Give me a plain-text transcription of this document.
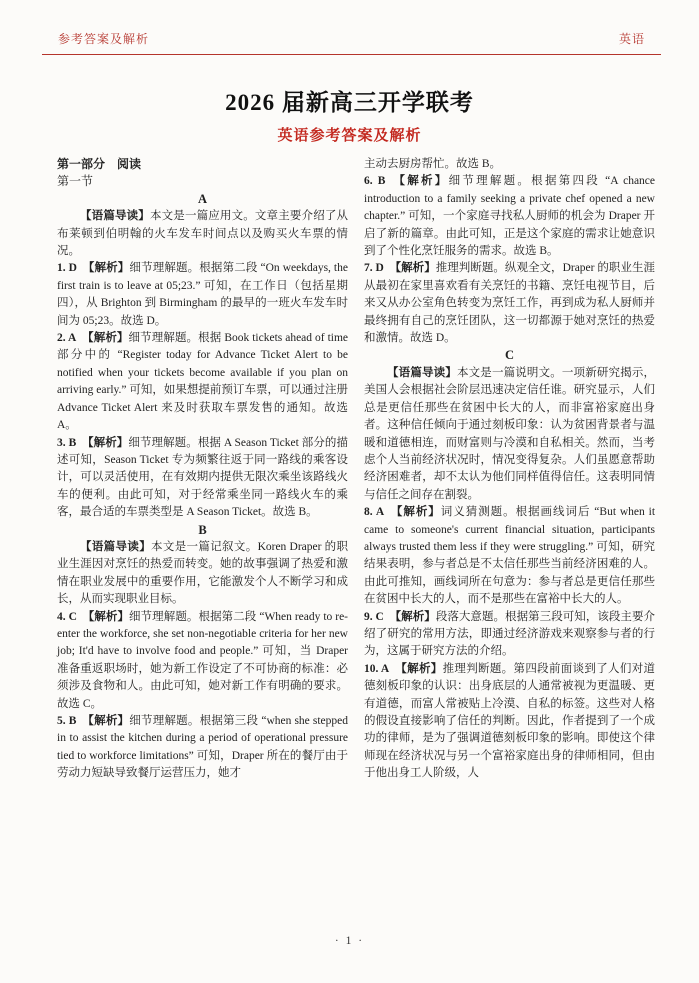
参考答案及解析	英语
2026 届新高三开学联考
英语参考答案及解析
第一部分　阅读
第一节
A
【语篇导读】本文是一篇应用文。文章主要介绍了从布莱顿到伯明翰的火车发车时间点以及购买火车票的情况。
1. D  【解析】细节理解题。根据第二段 “On weekdays, the first train is to leave at 05;23.” 可知，在工作日（包括星期四），从 Brighton 到 Birmingham 的最早的一班火车发车时间为 05;23。故选 D。
2. A  【解析】细节理解题。根据 Book tickets ahead of time 部分中的 “Register today for Advance Ticket Alert to be notified when your tickets become available if you plan on arriving early.” 可知，如果想提前预订车票，可以通过注册 Advance Ticket Alert 来及时获取车票发售的通知。故选 A。
3. B  【解析】细节理解题。根据 A Season Ticket 部分的描述可知，Season Ticket 专为频繁往返于同一路线的乘客设计，可以灵活使用，在有效期内提供无限次乘坐该路线火车的便利。由此可知，对于经常乘坐同一路线火车的乘客，最合适的车票类型是 A Season Ticket。故选 B。
B
【语篇导读】本文是一篇记叙文。Koren Draper 的职业生涯因对烹饪的热爱而转变。她的故事强调了热爱和激情在职业发展中的重要作用，它能激发个人不断学习和成长，从而实现职业目标。
4. C  【解析】细节理解题。根据第二段 “When ready to re-enter the workforce, she set non-negotiable criteria for her new job; It'd have to involve food and people.” 可知，当 Draper 准备重返职场时，她为新工作设定了不可协商的标准：必须涉及食物和人。由此可知，她对新工作有明确的要求。故选 C。
5. B  【解析】细节理解题。根据第三段 “when she stepped in to assist the kitchen during a period of operational pressure tied to workforce limitations” 可知，Draper 所在的餐厅由于劳动力短缺导致餐厅运营压力，她才
主动去厨房帮忙。故选 B。
6. B  【解析】细节理解题。根据第四段 “A chance introduction to a family seeking a private chef opened a new chapter.” 可知，一个家庭寻找私人厨师的机会为 Draper 开启了新的篇章。由此可知，正是这个家庭的需求让她意识到了个性化烹饪服务的需求。故选 B。
7. D  【解析】推理判断题。纵观全文，Draper 的职业生涯从最初在家里喜欢看有关烹饪的书籍、烹饪电视节目，后来又从办公室角色转变为烹饪工作，再到成为私人厨师并最终拥有自己的烹饪团队，这一切都源于她对烹饪的热爱和激情。故选 D。
C
【语篇导读】本文是一篇说明文。一项新研究揭示，美国人会根据社会阶层迅速决定信任谁。研究显示，人们总是更信任那些在贫困中长大的人，而非富裕家庭出身者。这种信任倾向于通过刻板印象：认为贫困背景者与温暖和道德相连，而财富则与冷漠和自私相关。然而，当考虑个人当前经济状况时，情况变得复杂。人们虽愿意帮助经济困难者，却不太认为他们同样值得信任。这表明同情与信任之间存在割裂。
8. A  【解析】词义猜测题。根据画线词后 “But when it came to someone's current financial situation, participants always trusted them less if they were struggling.” 可知，研究结果表明，参与者总是不太信任那些当前经济困难的人。由此可推知，画线词所在句意为：参与者总是更信任那些在贫困中长大的人，而不是那些在富裕中长大的人。
9. C  【解析】段落大意题。根据第三段可知，该段主要介绍了研究的常用方法，即通过经济游戏来观察参与者的行为，这属于研究方法的介绍。
10. A  【解析】推理判断题。第四段前面谈到了人们对道德刻板印象的认识：出身底层的人通常被视为更温暖、更有道德，而富人常被贴上冷漠、自私的标签。这些对人格的假设直接影响了信任的判断。因此，作者提到了一个成功的律师，是为了强调道德刻板印象的影响。即使这个律师现在经济状况与另一个富裕家庭出身的律师相同，但由于他出身工人阶级，人
· 1 ·
